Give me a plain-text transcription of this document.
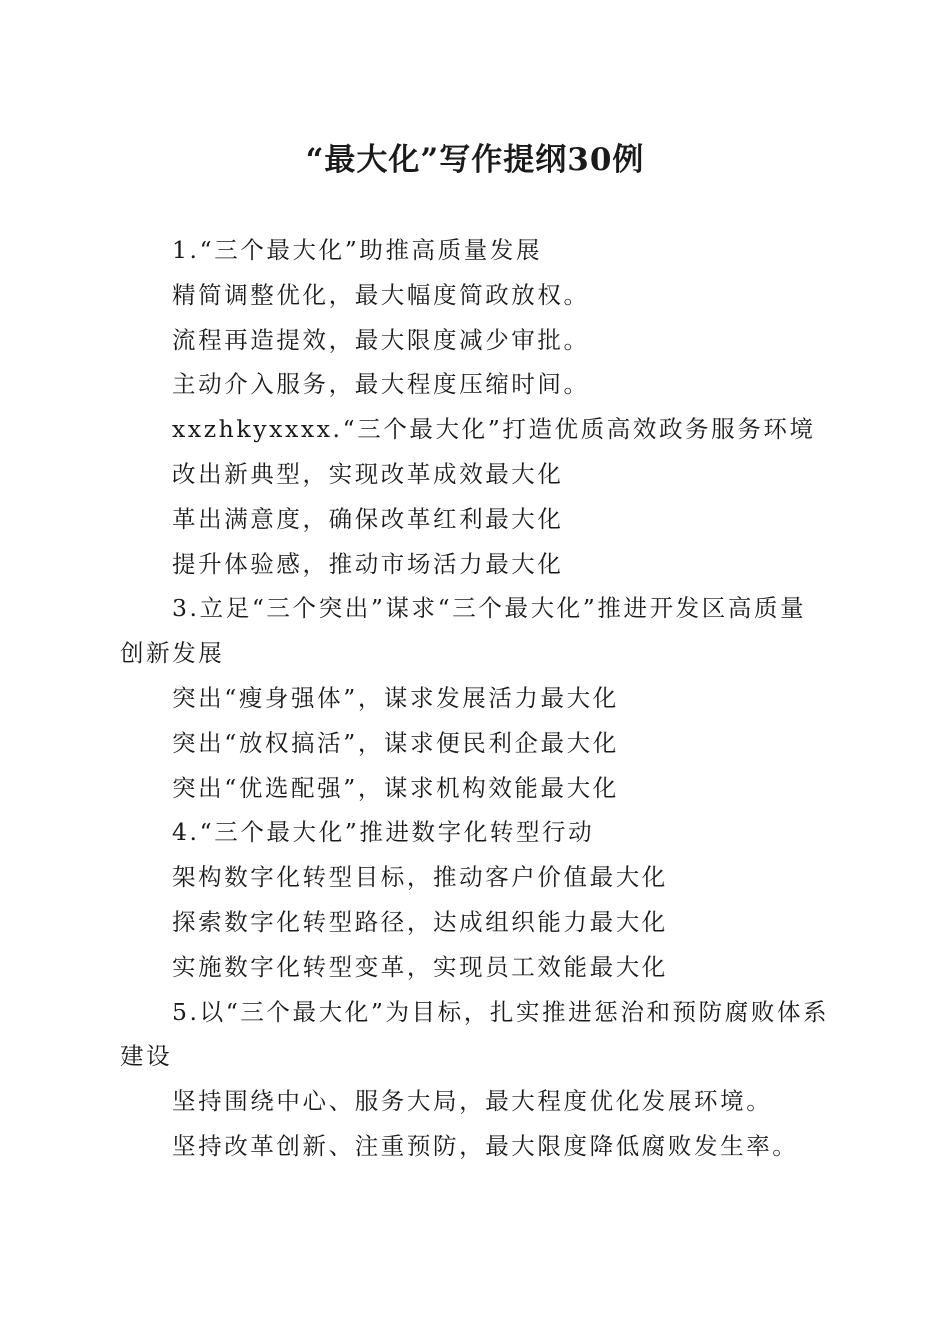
“最大化”写作提纲30例

1.“三个最大化”助推高质量发展

精简调整优化，最大幅度简政放权。

流程再造提效，最大限度减少审批。

主动介入服务，最大程度压缩时间。

xxzhkyxxxx.“三个最大化”打造优质高效政务服务环境

改出新典型，实现改革成效最大化

革出满意度，确保改革红利最大化

提升体验感，推动市场活力最大化

3.立足“三个突出”谋求“三个最大化”推进开发区高质量创新发展

突出“瘦身强体”，谋求发展活力最大化

突出“放权搞活”，谋求便民利企最大化

突出“优选配强”，谋求机构效能最大化

4.“三个最大化”推进数字化转型行动

架构数字化转型目标，推动客户价值最大化

探索数字化转型路径，达成组织能力最大化

实施数字化转型变革，实现员工效能最大化

5.以“三个最大化”为目标，扎实推进惩治和预防腐败体系建设

坚持围绕中心、服务大局，最大程度优化发展环境。

坚持改革创新、注重预防，最大限度降低腐败发生率。
